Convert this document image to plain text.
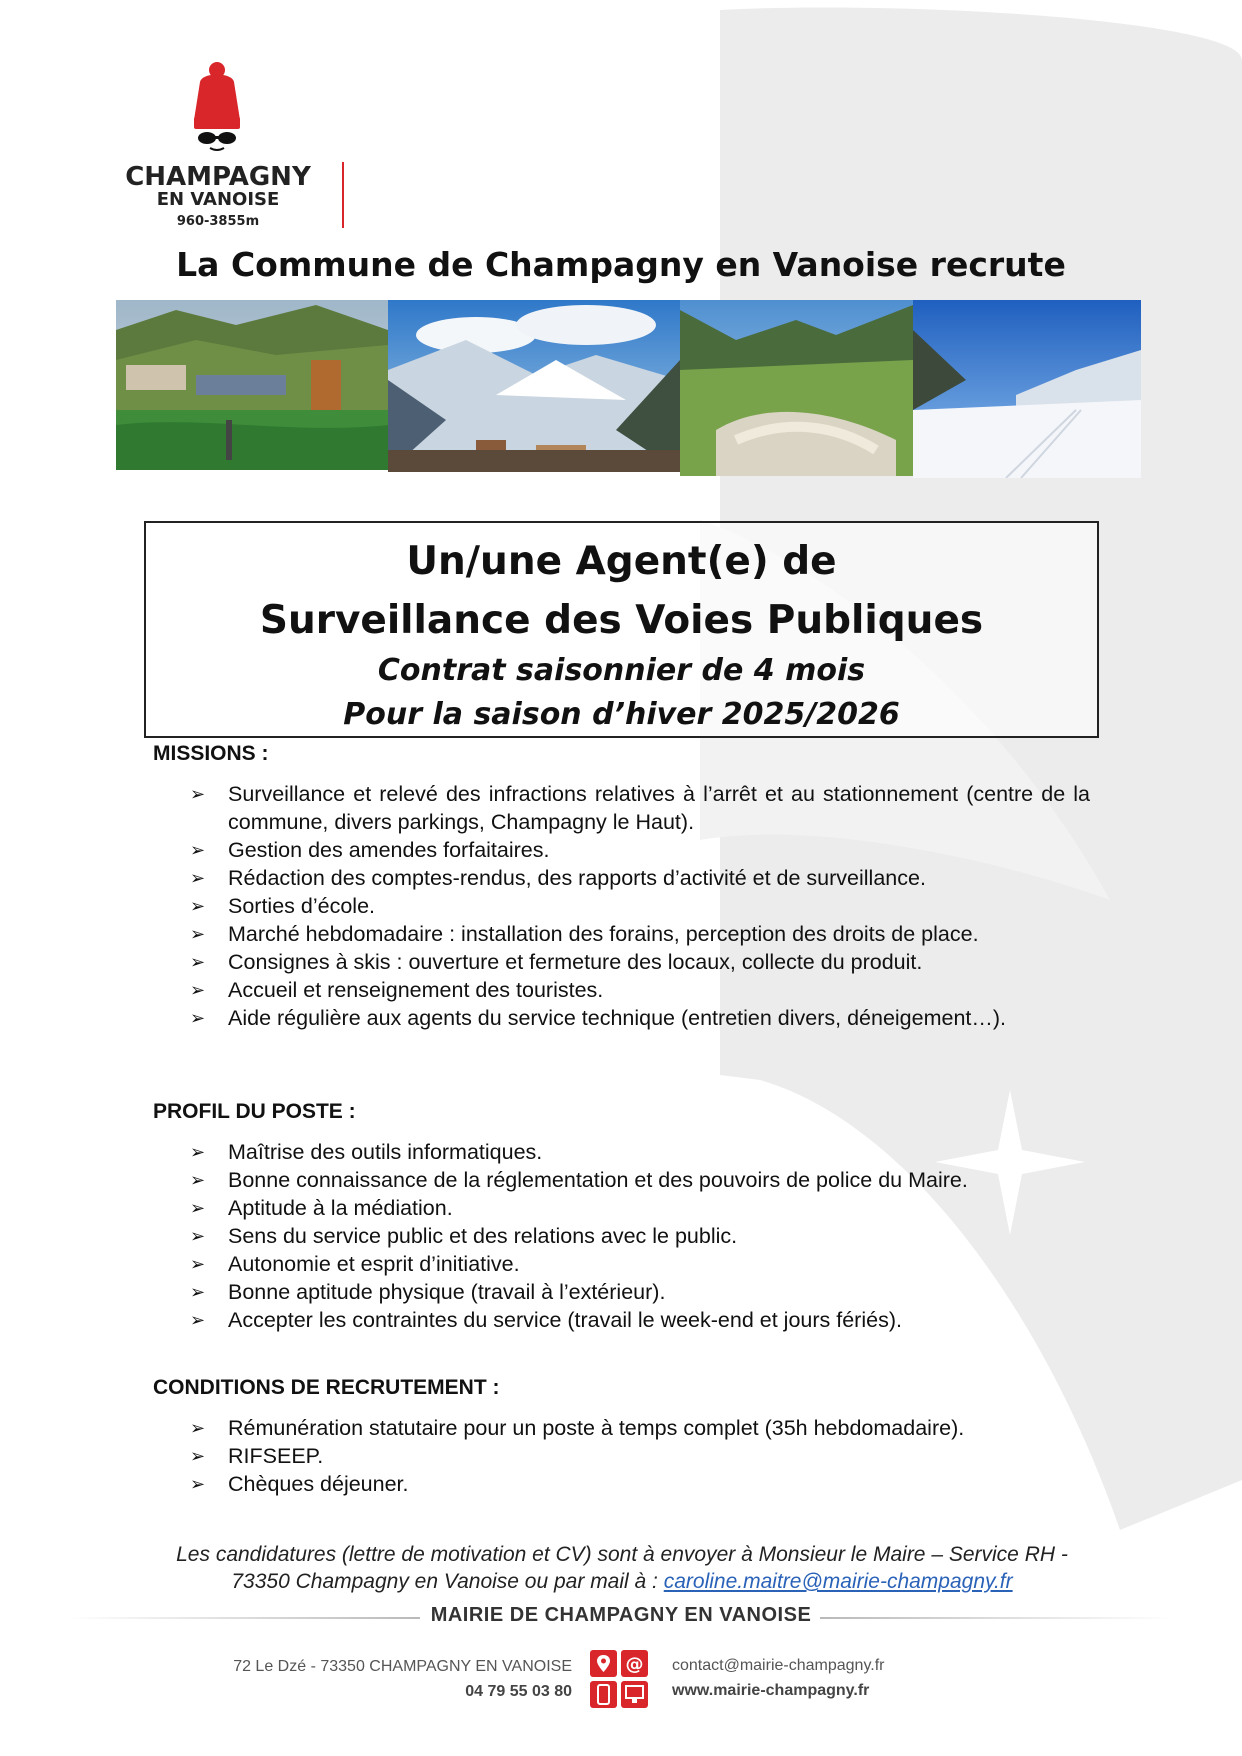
CHAMPAGNY
EN VANOISE
960-3855m
La Commune de Champagny en Vanoise recrute
Un/une Agent(e) de
Surveillance des Voies Publiques
Contrat saisonnier de 4 mois
Pour la saison d’hiver 2025/2026
MISSIONS :
➢ Surveillance et relevé des infractions relatives à l’arrêt et au stationnement (centre de la commune, divers parkings, Champagny le Haut).
➢ Gestion des amendes forfaitaires.
➢ Rédaction des comptes-rendus, des rapports d’activité et de surveillance.
➢ Sorties d’école.
➢ Marché hebdomadaire : installation des forains, perception des droits de place.
➢ Consignes à skis : ouverture et fermeture des locaux, collecte du produit.
➢ Accueil et renseignement des touristes.
➢ Aide régulière aux agents du service technique (entretien divers, déneigement…).
PROFIL DU POSTE :
➢ Maîtrise des outils informatiques.
➢ Bonne connaissance de la réglementation et des pouvoirs de police du Maire.
➢ Aptitude à la médiation.
➢ Sens du service public et des relations avec le public.
➢ Autonomie et esprit d’initiative.
➢ Bonne aptitude physique (travail à l’extérieur).
➢ Accepter les contraintes du service (travail le week-end et jours fériés).
CONDITIONS DE RECRUTEMENT :
➢ Rémunération statutaire pour un poste à temps complet (35h hebdomadaire).
➢ RIFSEEP.
➢ Chèques déjeuner.
Les candidatures (lettre de motivation et CV) sont à envoyer à Monsieur le Maire – Service RH - 73350 Champagny en Vanoise ou par mail à : caroline.maitre@mairie-champagny.fr
MAIRIE DE CHAMPAGNY EN VANOISE
72 Le Dzé - 73350 CHAMPAGNY EN VANOISE
04 79 55 03 80
@ contact@mairie-champagny.fr
www.mairie-champagny.fr
